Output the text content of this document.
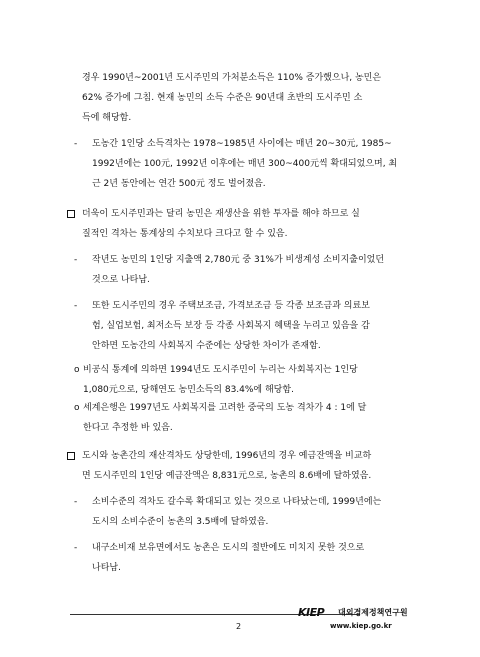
경우 1990년~2001년 도시주민의 가처분소득은 110% 증가했으나, 농민은
62% 증가에 그침. 현재 농민의 소득 수준은 90년대 초반의 도시주민 소
득에 해당함.
- 도농간 1인당 소득격차는 1978~1985년 사이에는 매년 20~30元, 1985~
1992년에는 100元, 1992년 이후에는 매년 300~400元씩 확대되었으며, 최
근 2년 동안에는 연간 500元 정도 벌어졌음.
더욱이 도시주민과는 달리 농민은 재생산을 위한 투자를 해야 하므로 실
질적인 격차는 통계상의 수치보다 크다고 할 수 있음.
- 작년도 농민의 1인당 지출액 2,780元 중 31%가 비생계성 소비지출이었던
것으로 나타남.
- 또한 도시주민의 경우 주택보조금, 가격보조금 등 각종 보조금과 의료보
험, 실업보험, 최저소득 보장 등 각종 사회복지 혜택을 누리고 있음을 감
안하면 도농간의 사회복지 수준에는 상당한 차이가 존재함.
o 비공식 통계에 의하면 1994년도 도시주민이 누리는 사회복지는 1인당
1,080元으로, 당해연도 농민소득의 83.4%에 해당함.
o 세계은행은 1997년도 사회복지를 고려한 중국의 도농 격차가 4 : 1에 달
한다고 추정한 바 있음.
도시와 농촌간의 재산격차도 상당한데, 1996년의 경우 예금잔액을 비교하
면 도시주민의 1인당 예금잔액은 8,831元으로, 농촌의 8.6배에 달하였음.
- 소비수준의 격차도 갈수록 확대되고 있는 것으로 나타났는데, 1999년에는
도시의 소비수준이 농촌의 3.5배에 달하였음.
- 내구소비재 보유면에서도 농촌은 도시의 절반에도 미치지 못한 것으로
나타남.
2
KIEP 대외경제정책연구원
www.kiep.go.kr
